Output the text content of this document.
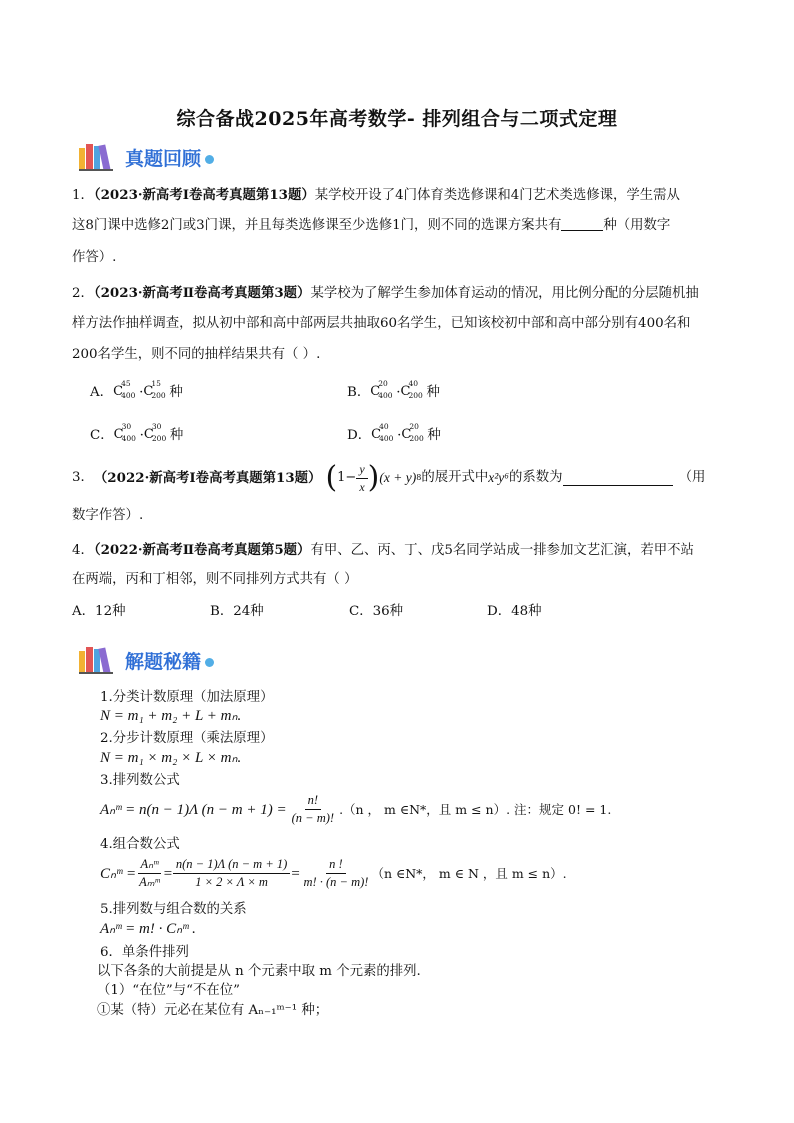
综合备战2025年高考数学- 排列组合与二项式定理
真题回顾
1．（2023·新高考Ⅰ卷高考真题第13题）某学校开设了4门体育类选修课和4门艺术类选修课，学生需从
这8门课中选修2门或3门课，并且每类选修课至少选修1门，则不同的选课方案共有	种（用数字
作答）.
2．（2023·新高考Ⅱ卷高考真题第3题）某学校为了解学生参加体育运动的情况，用比例分配的分层随机抽
样方法作抽样调查，拟从初中部和高中部两层共抽取60名学生，已知该校初中部和高中部分别有400名和
200名学生，则不同的抽样结果共有（ ）.
A． C
45
400 · C
15
200 种	B． C
20
400 · C
40
200 种
C． C
30
400 · C
30
200 种	D． C
40
400 · C
20
200 种
3． （2022·新高考Ⅰ卷高考真题第13题） ( $1- \frac{y}{x}$ ) (x + y) 8 的展开式中 x²y⁶ 的系数为	（用
数字作答）.
4．（2022·新高考Ⅱ卷高考真题第5题）有甲、乙、丙、丁、戊5名同学站成一排参加文艺汇演，若甲不站
在两端，丙和丁相邻，则不同排列方式共有（ ）
A．12种	B．24种	C．36种	D．48种
解题秘籍
1.分类计数原理（加法原理）
N = m₁ + m₂ + L + mₙ.
2.分步计数原理（乘法原理）
N = m₁ × m₂ × L × mₙ.
3.排列数公式
Aₙᵐ = n(n − 1)Λ $(n - m + 1) = \frac{n!}{(n - m)!} .(n$ ， m ∈N*，且 m ≤ n）. 注：规定 0! = 1.
4.组合数公式
Cₙᵐ = $\frac{\text{Aₙᵐ}}{\text{Aₘᵐ}} = \frac{n(n - 1)\Lambda (n - m + 1)}{1 \times 2 \times \Lambda \times m} = \frac{n !}{m! \cdot (n - m)!} (n$ ∈N*， m ∈ N ，且 m ≤ n）.
5.排列数与组合数的关系
Aₙᵐ = m! · Cₙᵐ .
6．单条件排列
以下各条的大前提是从 n 个元素中取 m 个元素的排列.
（1）“在位”与“不在位”
①某（特）元必在某位有 Aₙ₋₁ᵐ⁻¹ 种；
